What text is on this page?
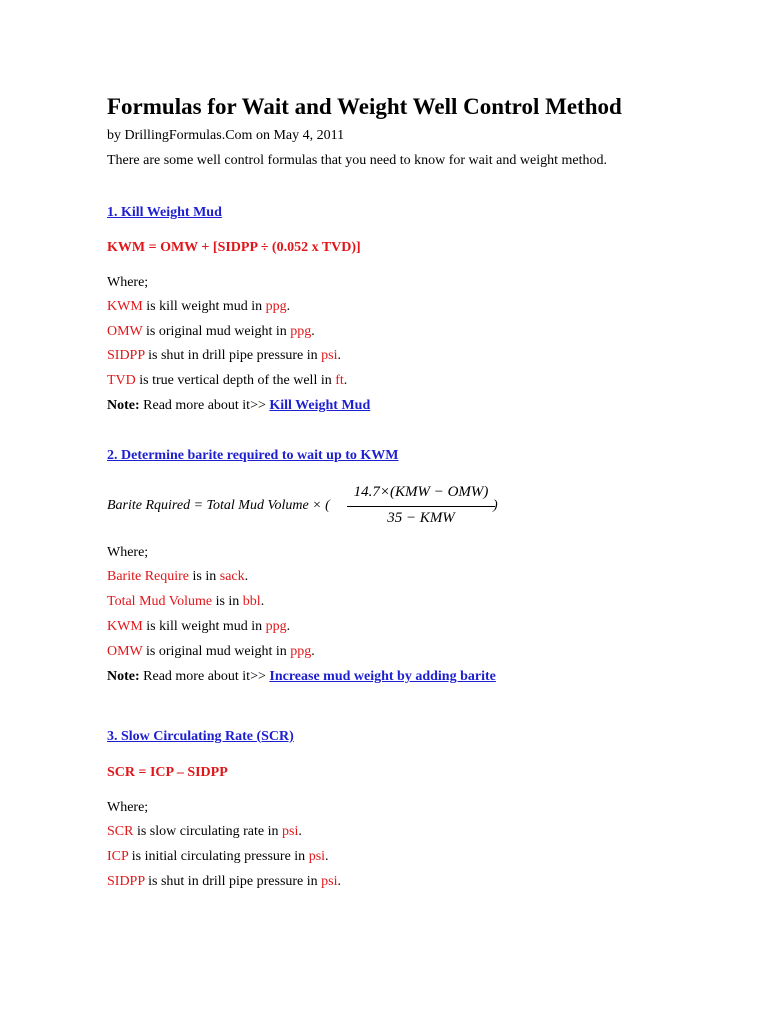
Formulas for Wait and Weight Well Control Method
by DrillingFormulas.Com on May 4, 2011
There are some well control formulas that you need to know for wait and weight method.
1. Kill Weight Mud
KWM = OMW + [SIDPP ÷ (0.052 x TVD)]
Where;
KWM is kill weight mud in ppg.
OMW is original mud weight in ppg.
SIDPP is shut in drill pipe pressure in psi.
TVD is true vertical depth of the well in ft.
Note: Read more about it>> Kill Weight Mud
2. Determine barite required to wait up to KWM
Barite Rquired = Total Mud Volume × (
14.7×(KMW − OMW)
35 − KMW
)
Where;
Barite Require is in sack.
Total Mud Volume is in bbl.
KWM is kill weight mud in ppg.
OMW is original mud weight in ppg.
Note: Read more about it>> Increase mud weight by adding barite
3. Slow Circulating Rate (SCR)
SCR = ICP – SIDPP
Where;
SCR is slow circulating rate in psi.
ICP is initial circulating pressure in psi.
SIDPP is shut in drill pipe pressure in psi.
